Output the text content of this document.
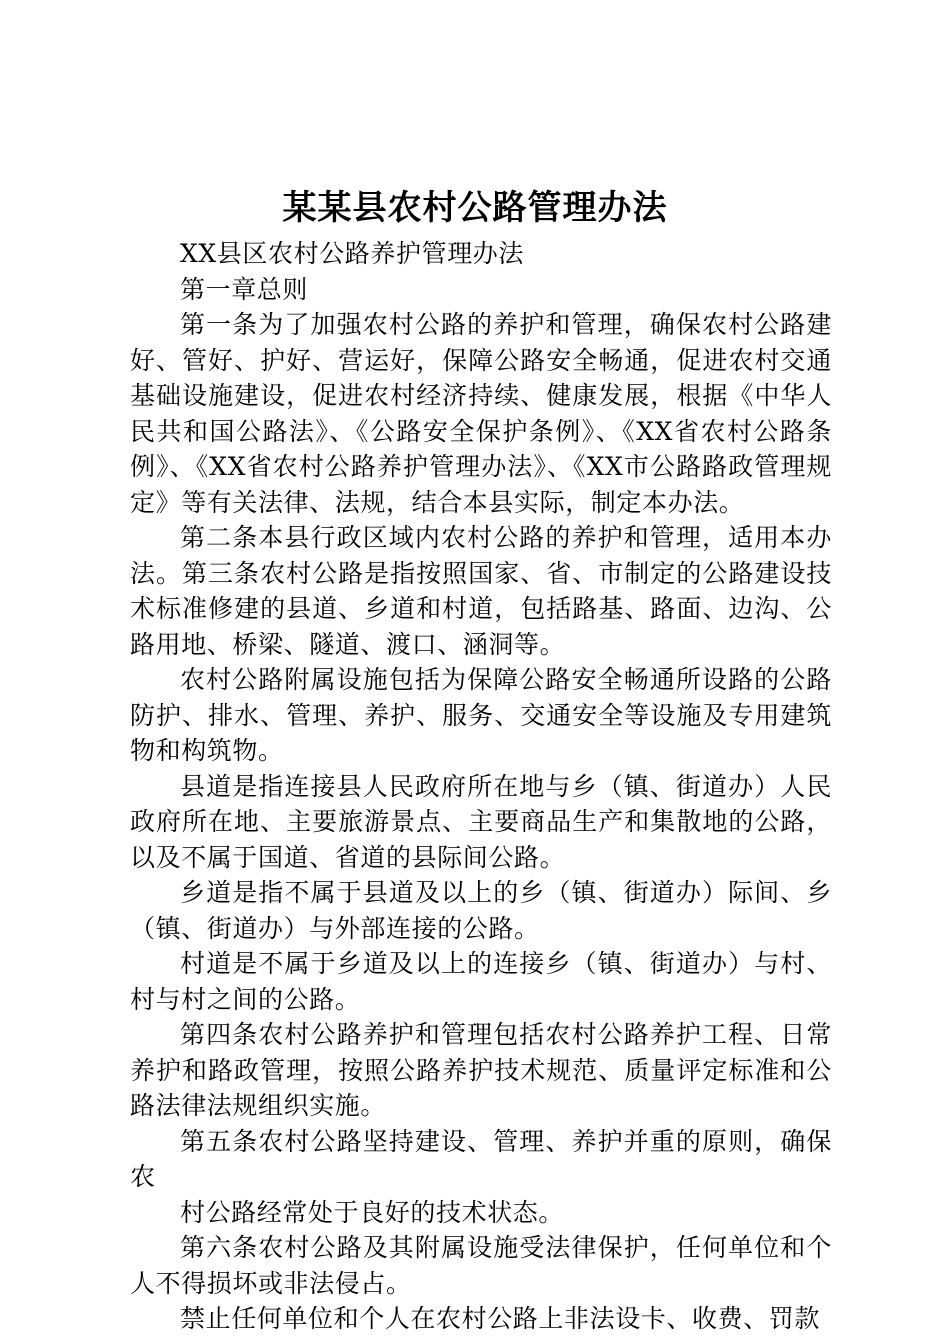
某某县农村公路管理办法

XX县区农村公路养护管理办法

第一章总则

第一条为了加强农村公路的养护和管理，确保农村公路建好、管好、护好、营运好，保障公路安全畅通，促进农村交通基础设施建设，促进农村经济持续、健康发展，根据《中华人民共和国公路法》、《公路安全保护条例》、《XX省农村公路条例》、《XX省农村公路养护管理办法》、《XX市公路路政管理规定》等有关法律、法规，结合本县实际，制定本办法。

第二条本县行政区域内农村公路的养护和管理，适用本办法。第三条农村公路是指按照国家、省、市制定的公路建设技术标准修建的县道、乡道和村道，包括路基、路面、边沟、公路用地、桥梁、隧道、渡口、涵洞等。

农村公路附属设施包括为保障公路安全畅通所设路的公路防护、排水、管理、养护、服务、交通安全等设施及专用建筑物和构筑物。

县道是指连接县人民政府所在地与乡（镇、街道办）人民政府所在地、主要旅游景点、主要商品生产和集散地的公路，以及不属于国道、省道的县际间公路。

乡道是指不属于县道及以上的乡（镇、街道办）际间、乡（镇、街道办）与外部连接的公路。

村道是不属于乡道及以上的连接乡（镇、街道办）与村、村与村之间的公路。

第四条农村公路养护和管理包括农村公路养护工程、日常养护和路政管理，按照公路养护技术规范、质量评定标准和公路法律法规组织实施。

第五条农村公路坚持建设、管理、养护并重的原则，确保农

村公路经常处于良好的技术状态。

第六条农村公路及其附属设施受法律保护，任何单位和个人不得损坏或非法侵占。

禁止任何单位和个人在农村公路上非法设卡、收费、罚款
